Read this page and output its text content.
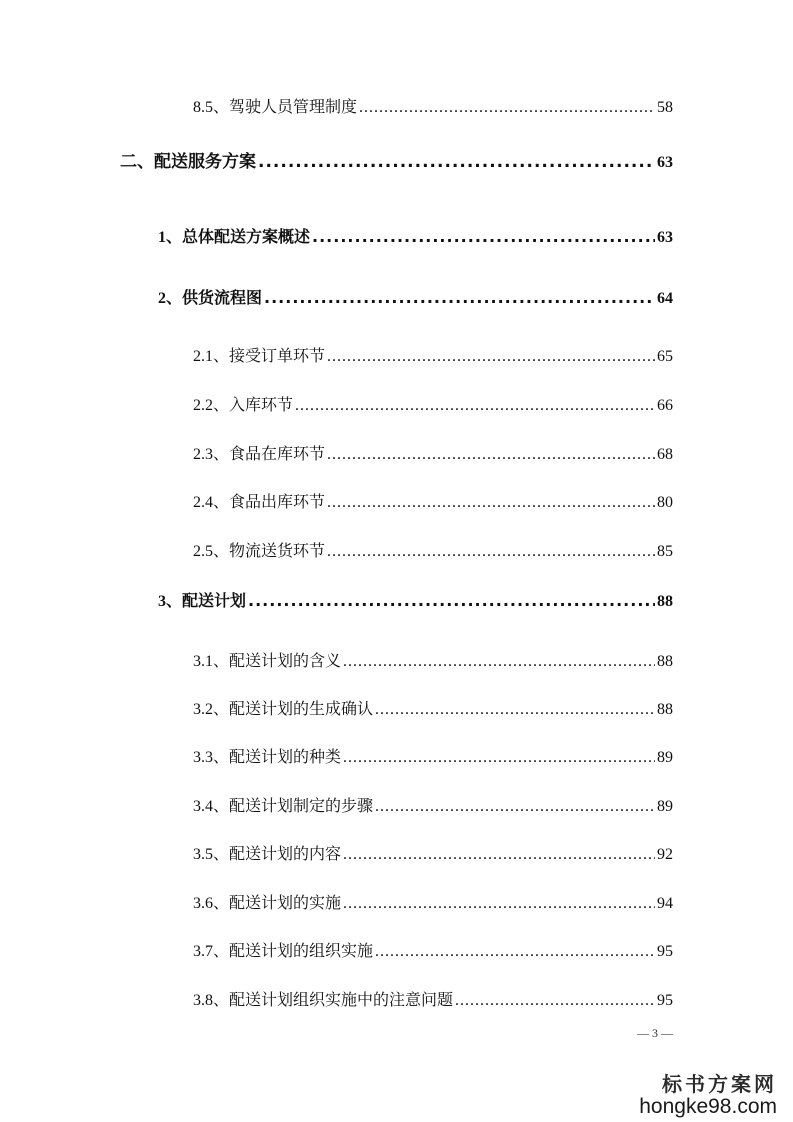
8.5、驾驶人员管理制度 .....	58
二、配送服务方案 .....	63
1、总体配送方案概述 .....	63
2、供货流程图 .....	64
2.1、接受订单环节 .....	65
2.2、入库环节 .....	66
2.3、食品在库环节 .....	68
2.4、食品出库环节 .....	80
2.5、物流送货环节 .....	85
3、配送计划 .....	88
3.1、配送计划的含义 .....	88
3.2、配送计划的生成确认 .....	88
3.3、配送计划的种类 .....	89
3.4、配送计划制定的步骤 .....	89
3.5、配送计划的内容 .....	92
3.6、配送计划的实施 .....	94
3.7、配送计划的组织实施 .....	95
3.8、配送计划组织实施中的注意问题 .....	95
— 3 —
标书方案网
hongke98.com
